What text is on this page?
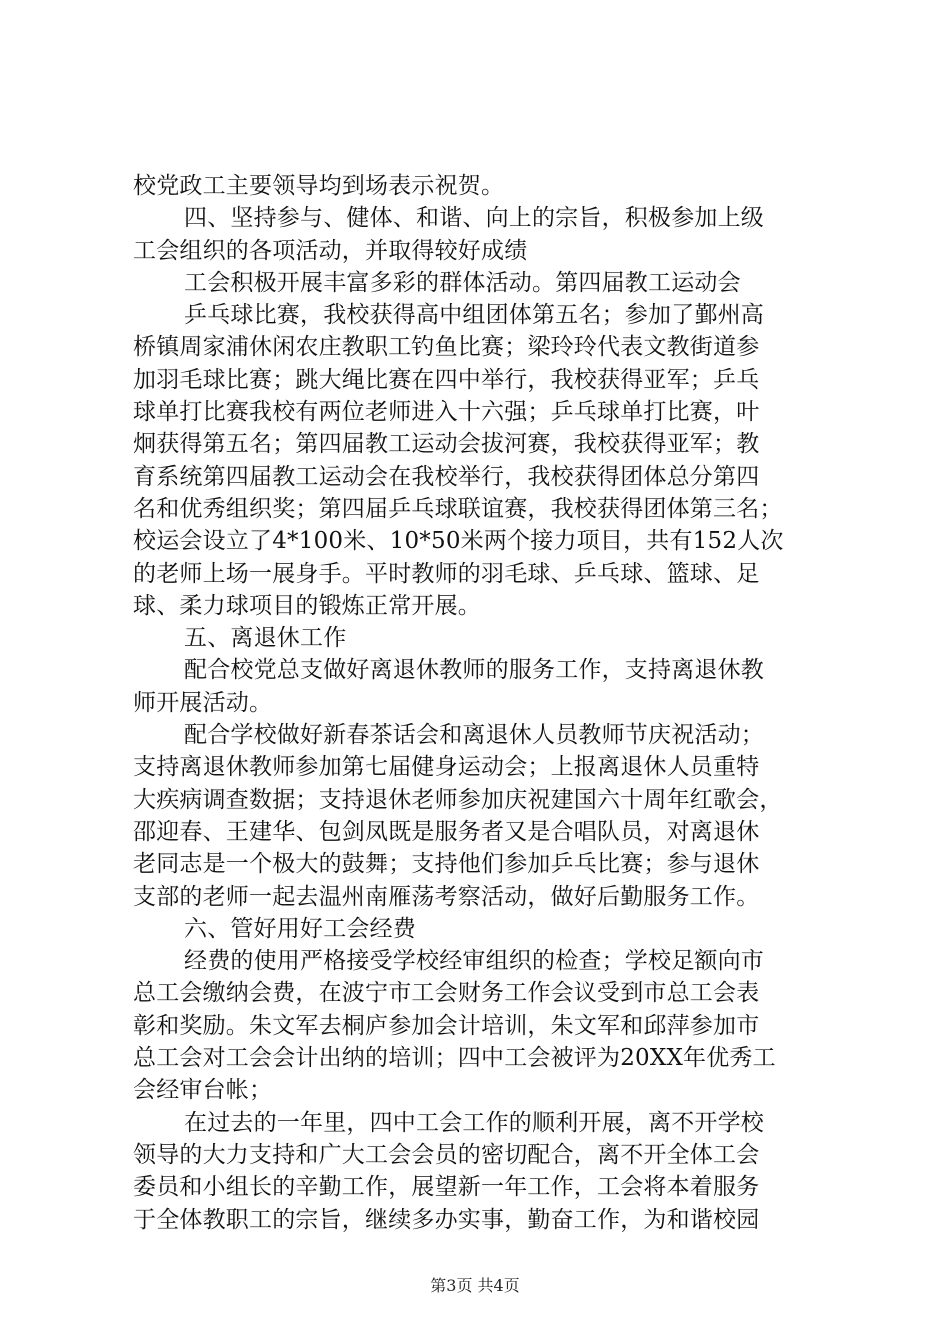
校党政工主要领导均到场表示祝贺。
四、坚持参与、健体、和谐、向上的宗旨，积极参加上级
工会组织的各项活动，并取得较好成绩
工会积极开展丰富多彩的群体活动。第四届教工运动会
乒乓球比赛，我校获得高中组团体第五名；参加了鄞州高
桥镇周家浦休闲农庄教职工钓鱼比赛；梁玲玲代表文教街道参
加羽毛球比赛；跳大绳比赛在四中举行，我校获得亚军；乒乓
球单打比赛我校有两位老师进入十六强；乒乓球单打比赛，叶
炯获得第五名；第四届教工运动会拔河赛，我校获得亚军；教
育系统第四届教工运动会在我校举行，我校获得团体总分第四
名和优秀组织奖；第四届乒乓球联谊赛，我校获得团体第三名；
校运会设立了4*100米、10*50米两个接力项目，共有152人次
的老师上场一展身手。平时教师的羽毛球、乒乓球、篮球、足
球、柔力球项目的锻炼正常开展。
五、离退休工作
配合校党总支做好离退休教师的服务工作，支持离退休教
师开展活动。
配合学校做好新春茶话会和离退休人员教师节庆祝活动；
支持离退休教师参加第七届健身运动会；上报离退休人员重特
大疾病调查数据；支持退休老师参加庆祝建国六十周年红歌会，
邵迎春、王建华、包剑凤既是服务者又是合唱队员，对离退休
老同志是一个极大的鼓舞；支持他们参加乒乓比赛；参与退休
支部的老师一起去温州南雁荡考察活动，做好后勤服务工作。
六、管好用好工会经费
经费的使用严格接受学校经审组织的检查；学校足额向市
总工会缴纳会费，在波宁市工会财务工作会议受到市总工会表
彰和奖励。朱文军去桐庐参加会计培训，朱文军和邱萍参加市
总工会对工会会计出纳的培训；四中工会被评为20XX年优秀工
会经审台帐；
在过去的一年里，四中工会工作的顺利开展，离不开学校
领导的大力支持和广大工会会员的密切配合，离不开全体工会
委员和小组长的辛勤工作，展望新一年工作，工会将本着服务
于全体教职工的宗旨，继续多办实事，勤奋工作，为和谐校园
第3页 共4页
